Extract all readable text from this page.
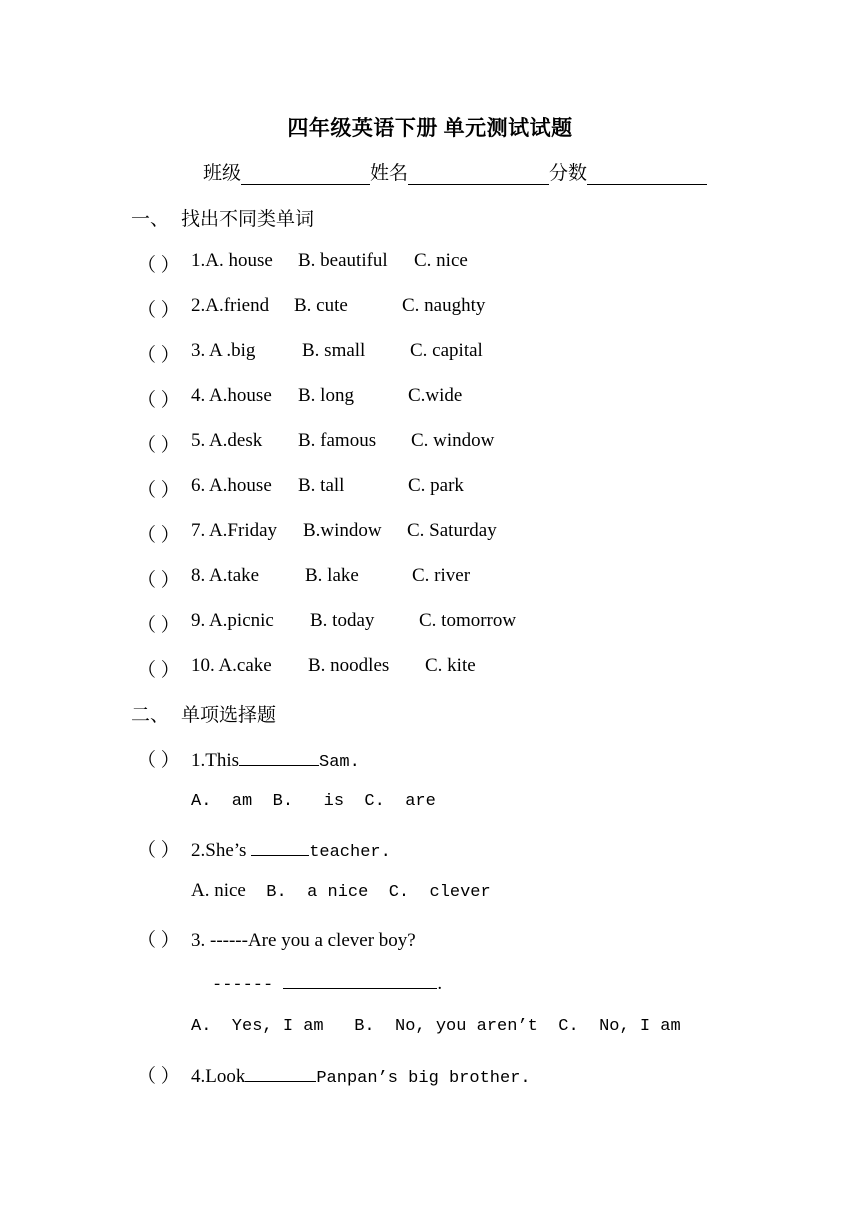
四年级英语下册 单元测试试题
班级	姓名	分数
一、 找出不同类单词
（ ） 1.A. house B. beautiful C. nice
（ ） 2.A.friend B. cute	C. naughty
（ ） 3. A .big B. small C. capital
（ ） 4. A.house B. long	C.wide
（ ） 5. A.desk B. famous C. window
（ ） 6. A.house B. tall	C. park
（ ） 7. A.Friday B.window C. Saturday
（ ） 8. A.take B. lake	C. river
（ ） 9. A.picnic B. today C. tomorrow
（ ） 10. A.cake B. noodles C. kite
二、 单项选择题
（ ） 1.This	Sam.
A.  am  B.   is  C.  are
（ ） 2.She’s	teacher.
A. nice  B.  a nice  C.  clever
（ ） 3. ------Are you a clever boy?
------	.
A.  Yes, I am   B.  No, you aren’t  C.  No, I am
（ ） 4.Look	Panpan’s big brother.
